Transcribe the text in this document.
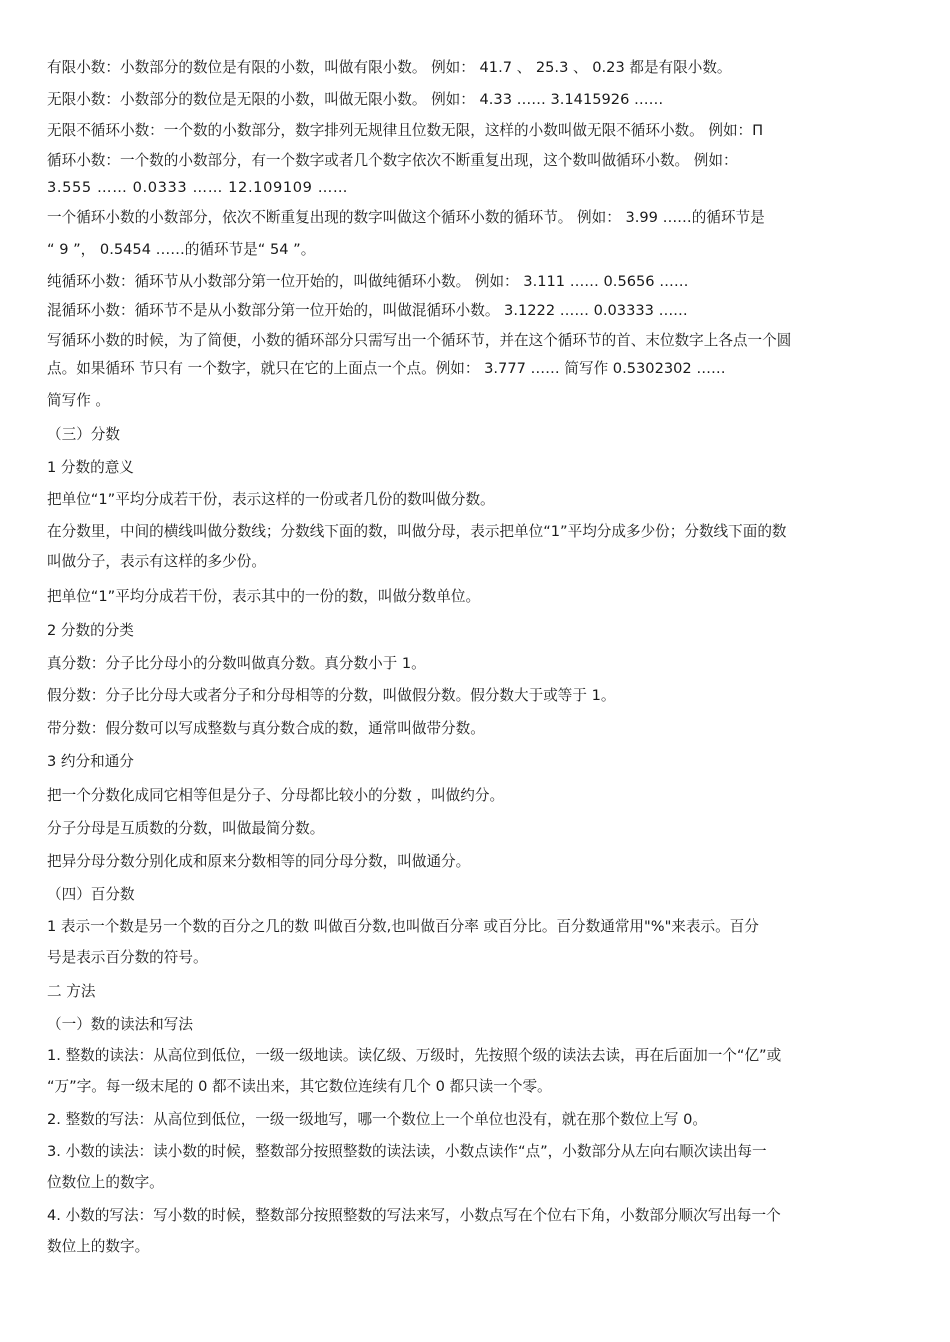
有限小数：小数部分的数位是有限的小数，叫做有限小数。 例如： 41.7 、 25.3 、 0.23 都是有限小数。
无限小数：小数部分的数位是无限的小数，叫做无限小数。 例如： 4.33 …… 3.1415926 ……
无限不循环小数：一个数的小数部分，数字排列无规律且位数无限，这样的小数叫做无限不循环小数。 例如：Π
循环小数：一个数的小数部分，有一个数字或者几个数字依次不断重复出现，这个数叫做循环小数。 例如：
3.555 …… 0.0333 …… 12.109109 ……
一个循环小数的小数部分，依次不断重复出现的数字叫做这个循环小数的循环节。 例如： 3.99 ……的循环节是
“ 9 ”， 0.5454 ……的循环节是“ 54 ”。
纯循环小数：循环节从小数部分第一位开始的，叫做纯循环小数。 例如： 3.111 …… 0.5656 ……
混循环小数：循环节不是从小数部分第一位开始的，叫做混循环小数。 3.1222 …… 0.03333 ……
写循环小数的时候，为了简便，小数的循环部分只需写出一个循环节，并在这个循环节的首、末位数字上各点一个圆
点。如果循环 节只有 一个数字，就只在它的上面点一个点。例如： 3.777 …… 简写作 0.5302302 ……
简写作 。
（三）分数
1 分数的意义
把单位“1”平均分成若干份，表示这样的一份或者几份的数叫做分数。
在分数里，中间的横线叫做分数线；分数线下面的数，叫做分母，表示把单位“1”平均分成多少份；分数线下面的数
叫做分子，表示有这样的多少份。
把单位“1”平均分成若干份，表示其中的一份的数，叫做分数单位。
2 分数的分类
真分数：分子比分母小的分数叫做真分数。真分数小于 1。
假分数：分子比分母大或者分子和分母相等的分数，叫做假分数。假分数大于或等于 1。
带分数：假分数可以写成整数与真分数合成的数，通常叫做带分数。
3 约分和通分
把一个分数化成同它相等但是分子、分母都比较小的分数 ，叫做约分。
分子分母是互质数的分数，叫做最简分数。
把异分母分数分别化成和原来分数相等的同分母分数，叫做通分。
（四）百分数
1 表示一个数是另一个数的百分之几的数 叫做百分数,也叫做百分率 或百分比。百分数通常用"%"来表示。百分
号是表示百分数的符号。
二 方法
（一）数的读法和写法
1. 整数的读法：从高位到低位，一级一级地读。读亿级、万级时，先按照个级的读法去读，再在后面加一个“亿”或
“万”字。每一级末尾的 0 都不读出来，其它数位连续有几个 0 都只读一个零。
2. 整数的写法：从高位到低位，一级一级地写，哪一个数位上一个单位也没有，就在那个数位上写 0。
3. 小数的读法：读小数的时候，整数部分按照整数的读法读，小数点读作“点”，小数部分从左向右顺次读出每一
位数位上的数字。
4. 小数的写法：写小数的时候，整数部分按照整数的写法来写，小数点写在个位右下角，小数部分顺次写出每一个
数位上的数字。
